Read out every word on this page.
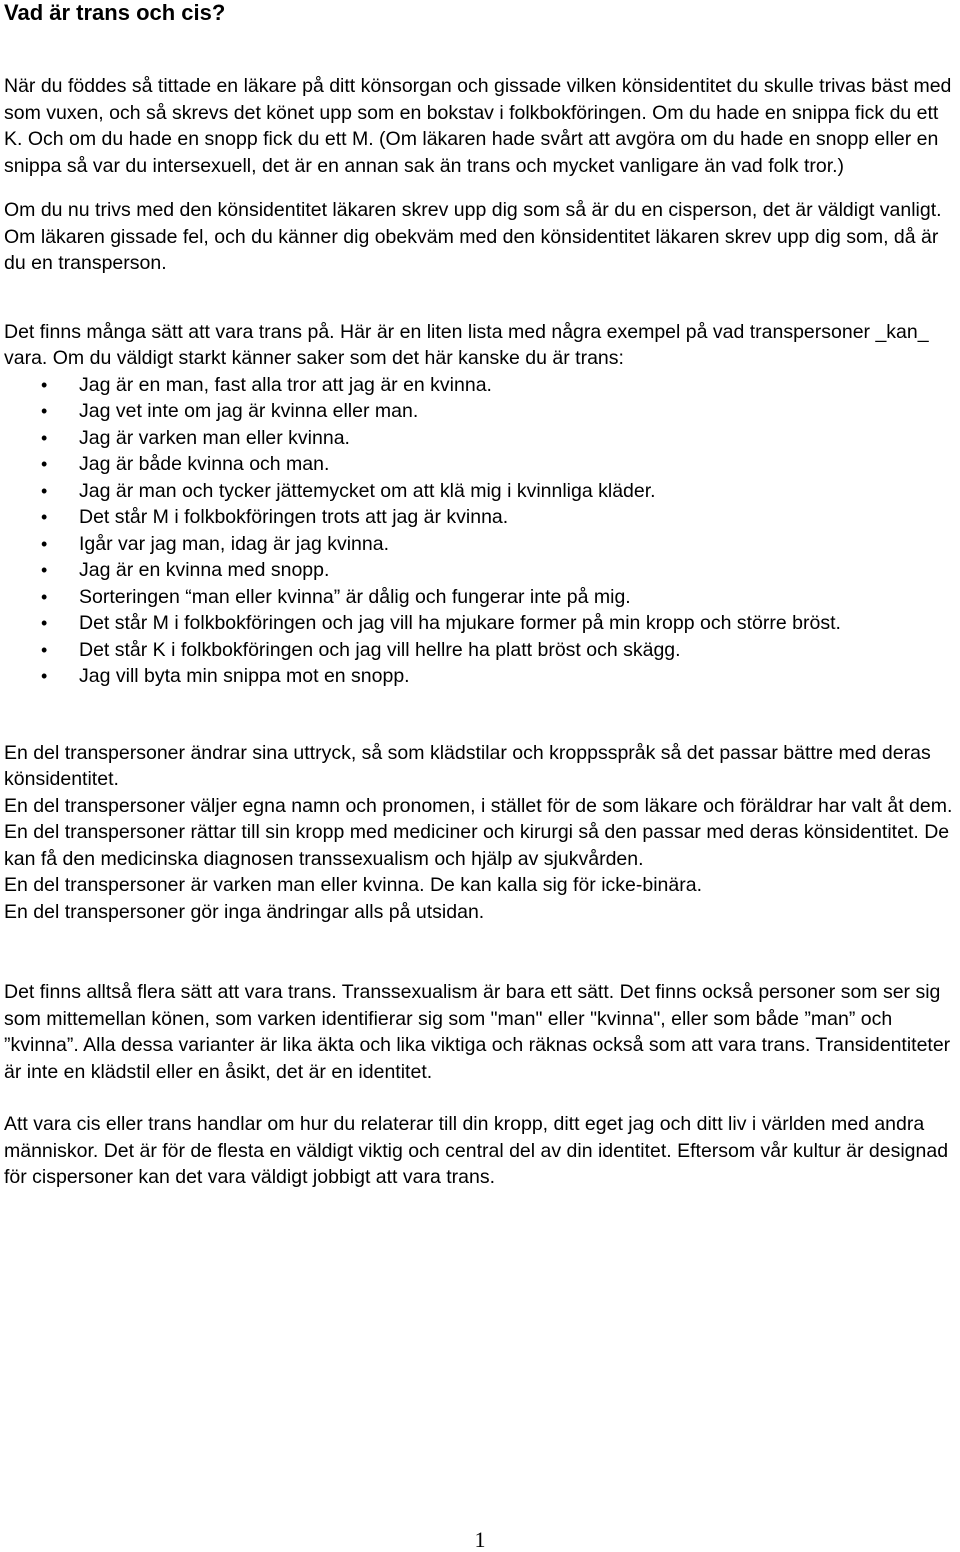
Vad är trans och cis?

När du föddes så tittade en läkare på ditt könsorgan och gissade vilken könsidentitet du skulle trivas bäst med som vuxen, och så skrevs det könet upp som en bokstav i folkbokföringen. Om du hade en snippa fick du ett K. Och om du hade en snopp fick du ett M. (Om läkaren hade svårt att avgöra om du hade en snopp eller en snippa så var du intersexuell, det är en annan sak än trans och mycket vanligare än vad folk tror.)

Om du nu trivs med den könsidentitet läkaren skrev upp dig som så är du en cisperson, det är väldigt vanligt. Om läkaren gissade fel, och du känner dig obekväm med den könsidentitet läkaren skrev upp dig som, då är du en transperson.

Det finns många sätt att vara trans på. Här är en liten lista med några exempel på vad transpersoner _kan_ vara. Om du väldigt starkt känner saker som det här kanske du är trans:

• Jag är en man, fast alla tror att jag är en kvinna.
• Jag vet inte om jag är kvinna eller man.
• Jag är varken man eller kvinna.
• Jag är både kvinna och man.
• Jag är man och tycker jättemycket om att klä mig i kvinnliga kläder.
• Det står M i folkbokföringen trots att jag är kvinna.
• Igår var jag man, idag är jag kvinna.
• Jag är en kvinna med snopp.
• Sorteringen “man eller kvinna” är dålig och fungerar inte på mig.
• Det står M i folkbokföringen och jag vill ha mjukare former på min kropp och större bröst.
• Det står K i folkbokföringen och jag vill hellre ha platt bröst och skägg.
• Jag vill byta min snippa mot en snopp.

En del transpersoner ändrar sina uttryck, så som klädstilar och kroppsspråk så det passar bättre med deras könsidentitet.

En del transpersoner väljer egna namn och pronomen, i stället för de som läkare och föräldrar har valt åt dem.

En del transpersoner rättar till sin kropp med mediciner och kirurgi så den passar med deras könsidentitet. De kan få den medicinska diagnosen transsexualism och hjälp av sjukvården.

En del transpersoner är varken man eller kvinna. De kan kalla sig för icke-binära.

En del transpersoner gör inga ändringar alls på utsidan.

Det finns alltså flera sätt att vara trans. Transsexualism är bara ett sätt. Det finns också personer som ser sig som mittemellan könen, som varken identifierar sig som "man" eller "kvinna", eller som både ”man” och ”kvinna”. Alla dessa varianter är lika äkta och lika viktiga och räknas också som att vara trans. Transidentiteter är inte en klädstil eller en åsikt, det är en identitet.

Att vara cis eller trans handlar om hur du relaterar till din kropp, ditt eget jag och ditt liv i världen med andra människor. Det är för de flesta en väldigt viktig och central del av din identitet. Eftersom vår kultur är designad för cispersoner kan det vara väldigt jobbigt att vara trans.

1
